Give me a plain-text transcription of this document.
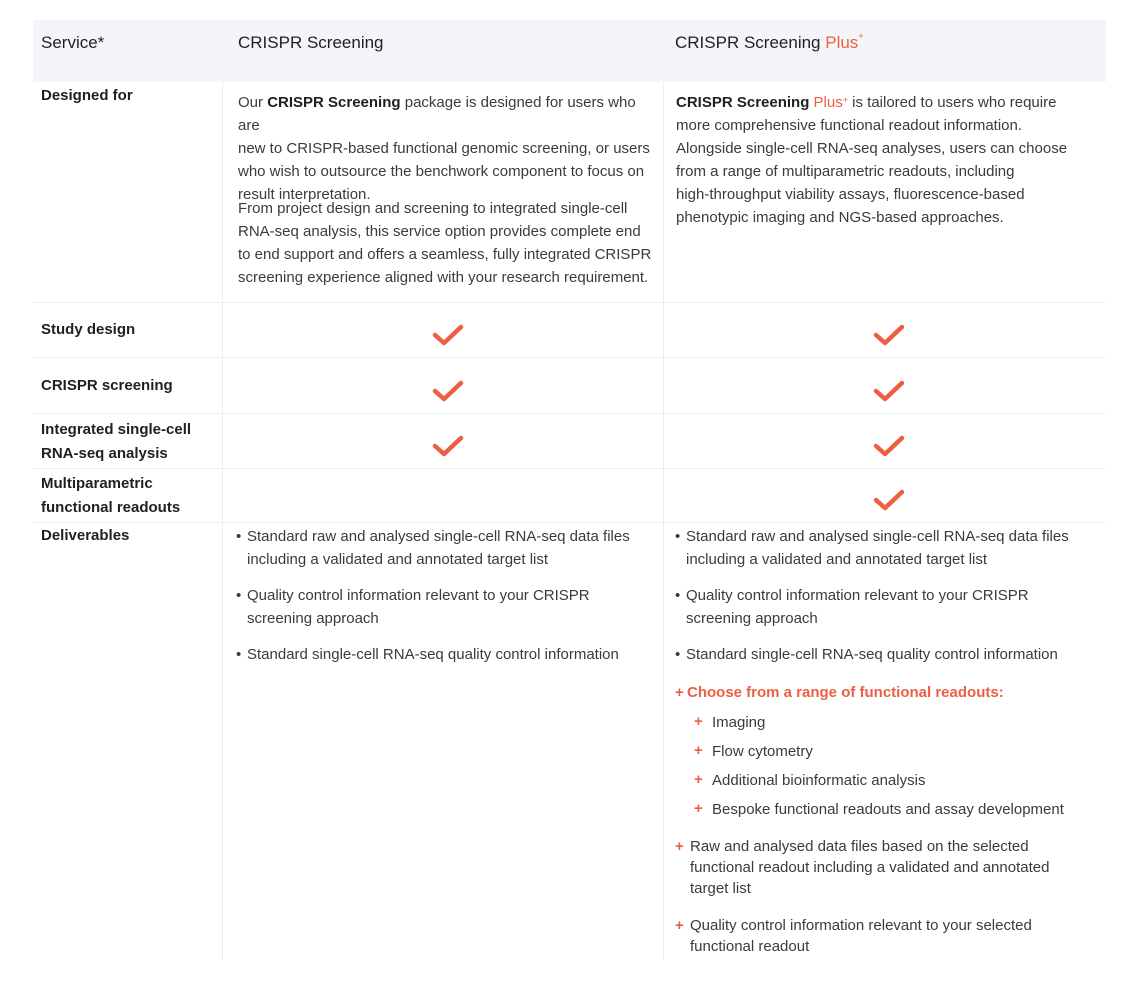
Service*	CRISPR Screening	CRISPR Screening Plus+
Designed for
Study design
CRISPR screening
Integrated single-cell
RNA-seq analysis
Multiparametric
functional readouts
Deliverables
Our CRISPR Screening package is designed for users who are
new to CRISPR-based functional genomic screening, or users
who wish to outsource the benchwork component to focus on
result interpretation.
From project design and screening to integrated single-cell
RNA-seq analysis, this service option provides complete end
to end support and offers a seamless, fully integrated CRISPR
screening experience aligned with your research requirement.
CRISPR Screening Plus+ is tailored to users who require
more comprehensive functional readout information.
Alongside single-cell RNA-seq analyses, users can choose
from a range of multiparametric readouts, including
high-throughput viability assays, fluorescence-based
phenotypic imaging and NGS-based approaches.
• Standard raw and analysed single-cell RNA-seq data files
including a validated and annotated target list
• Quality control information relevant to your CRISPR
screening approach
• Standard single-cell RNA-seq quality control information
• Standard raw and analysed single-cell RNA-seq data files
including a validated and annotated target list
• Quality control information relevant to your CRISPR
screening approach
• Standard single-cell RNA-seq quality control information
+ Choose from a range of functional readouts:
+ Imaging
+ Flow cytometry
+ Additional bioinformatic analysis
+ Bespoke functional readouts and assay development
+ Raw and analysed data files based on the selected
functional readout including a validated and annotated
target list
+ Quality control information relevant to your selected
functional readout
